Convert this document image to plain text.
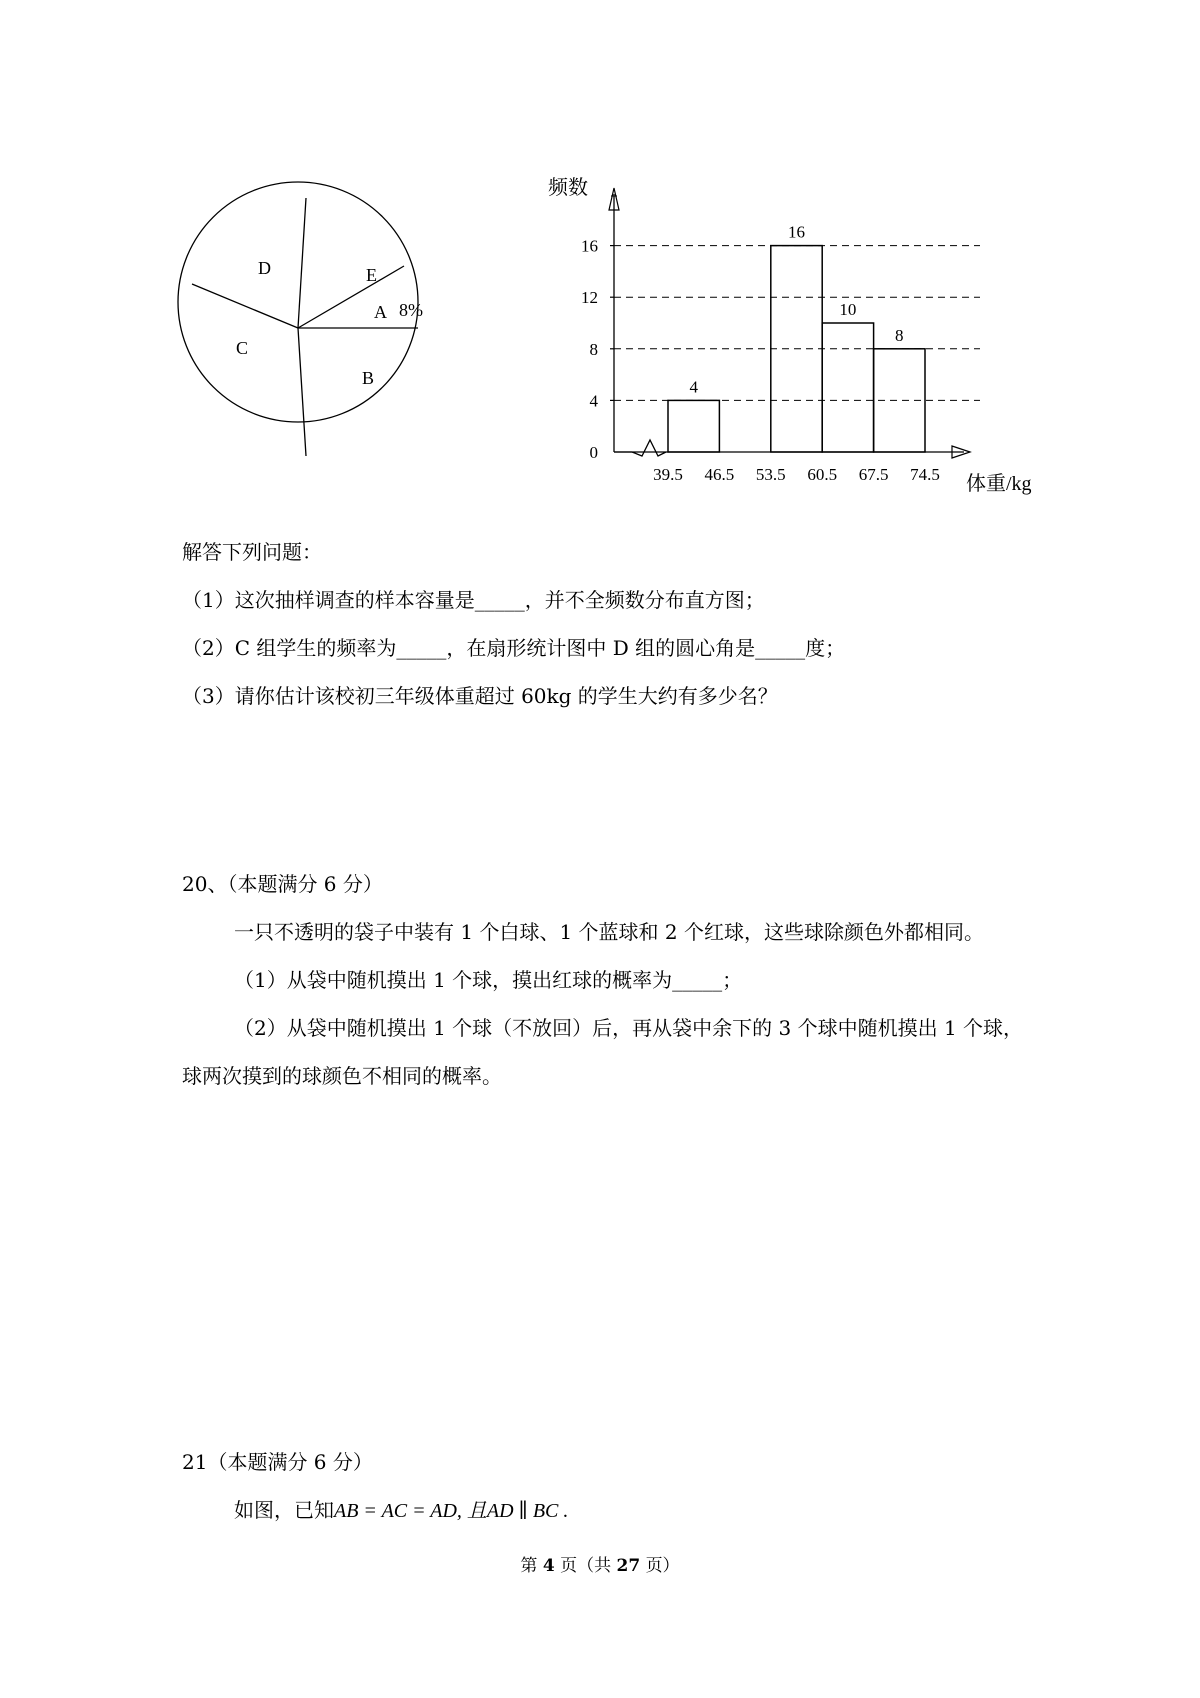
D	E
A 8%
C
B
频数
体重/kg
0
4
8
12
16
39.5 46.5 53.5 60.5 67.5 74.5
4
16
10
8
解答下列问题：
（1）这次抽样调查的样本容量是_____，并不全频数分布直方图；
（2）C 组学生的频率为_____，在扇形统计图中 D 组的圆心角是_____度；
（3）请你估计该校初三年级体重超过 60kg 的学生大约有多少名？
20、（本题满分 6 分）
一只不透明的袋子中装有 1 个白球、1 个蓝球和 2 个红球，这些球除颜色外都相同。
（1）从袋中随机摸出 1 个球，摸出红球的概率为_____；
（2）从袋中随机摸出 1 个球（不放回）后，再从袋中余下的 3 个球中随机摸出 1 个球，
球两次摸到的球颜色不相同的概率。
21（本题满分 6 分）
如图，已知AB = AC = AD, 且AD ∥ BC .
第 4 页（共 27 页）
